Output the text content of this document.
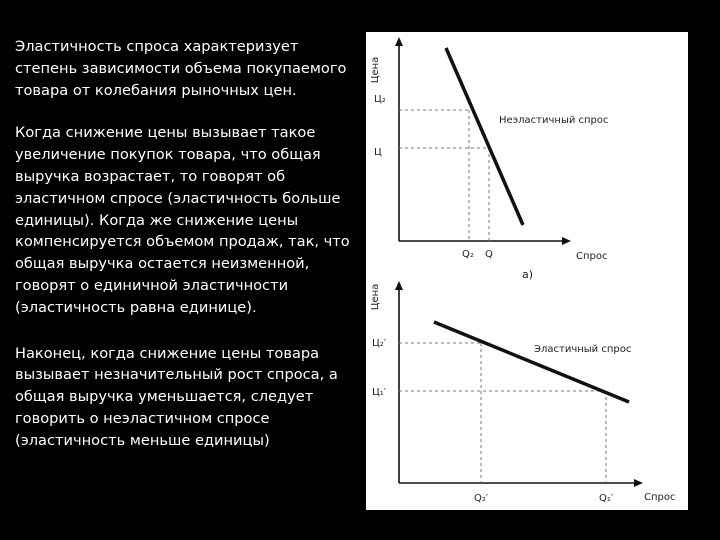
Эластичность спроса характеризует степень зависимости объема покупаемого товара от колебания рыночных цен.

Когда снижение цены вызывает такое увеличение покупок товара, что общая выручка возрастает, то говорят об эластичном спросе (эластичность больше единицы). Когда же снижение цены компенсируется объемом продаж, так, что общая выручка остается неизменной, говорят о единичной эластичности (эластичность равна единице).

Наконец, когда снижение цены товара вызывает незначительный рост спроса, а общая выручка уменьшается, следует говорить о неэластичном спросе (эластичность меньше единицы)

Цена
Ц₂
Ц
Неэластичный спрос
Q₂ Q	Спрос
а)
Цена
Ц₂′
Ц₁′
Эластичный спрос
Q₂′	Q₁′	Спрос
